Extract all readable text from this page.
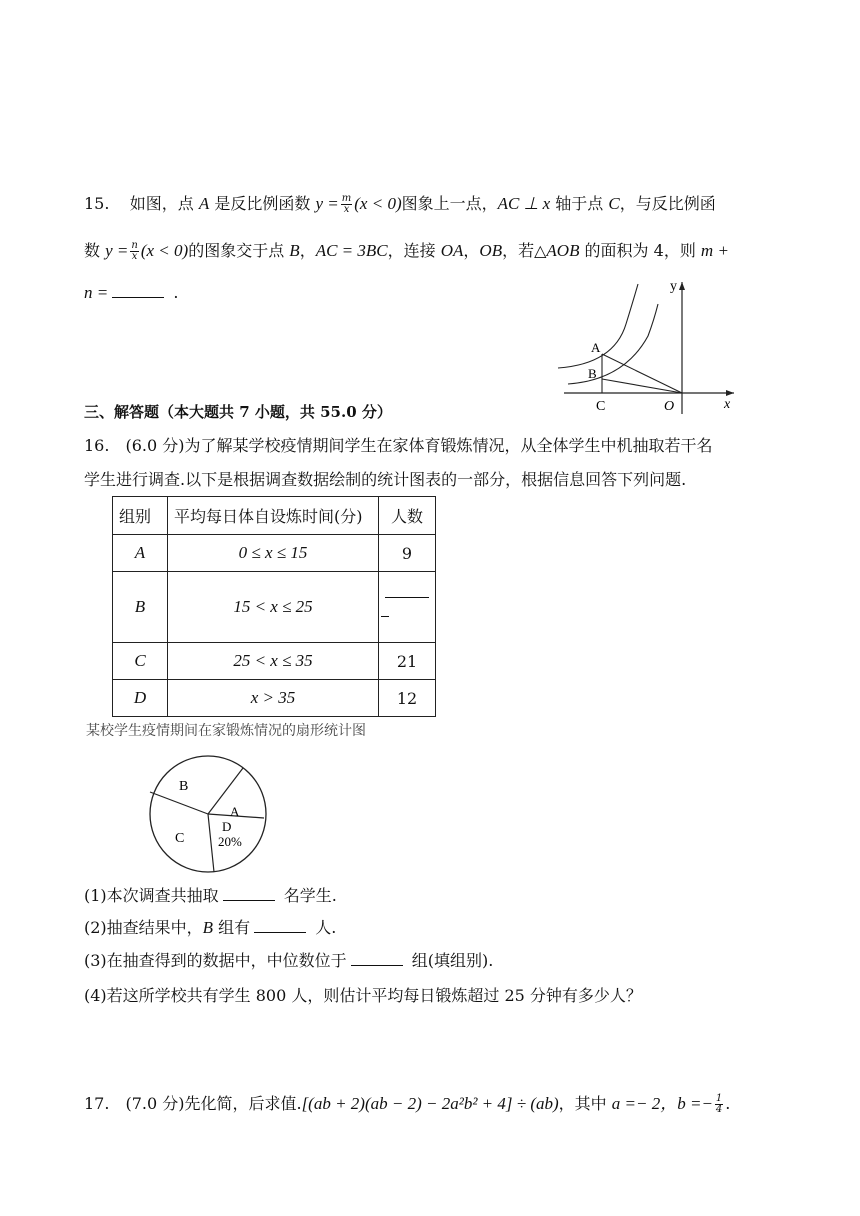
15. 如图，点 A 是反比例函数 $y = \frac{m}{x} (x < 0)$图象上一点，AC ⊥ x 轴于点 C，与反比例函
数 $y = \frac{n}{x} (x < 0)$的图象交于点 B，AC = 3BC，连接 OA，OB，若△AOB 的面积为 4，则 m +
n =	.	y
x
A
B
C	O
三、解答题（本大题共 7 小题，共 55.0 分）
16.　(6.0 分)为了解某学校疫情期间学生在家体育锻炼情况，从全体学生中机抽取若干名
学生进行调查.以下是根据调查数据绘制的统计图表的一部分，根据信息回答下列问题.
组别	平均每日体自设炼时间(分)	人数
A	0 ≤ x ≤ 15	9
B	15 < x ≤ 25	

C	25 < x ≤ 35	21
D	x > 35	12
某校学生疫情期间在家锻炼情况的扇形统计图
B
A
C
D
20%
(1)本次调查共抽取	名学生.
(2)抽查结果中，B 组有	人.
(3)在抽查得到的数据中，中位数位于	组(填组别).
(4)若这所学校共有学生 800 人，则估计平均每日锻炼超过 25 分钟有多少人？
17.　(7.0 分)先化简，后求值.[(ab + 2)(ab − 2) − 2a²b² + 4] ÷ (ab)，其中 a =− 2，$b =- \frac{1}{4}$ .
